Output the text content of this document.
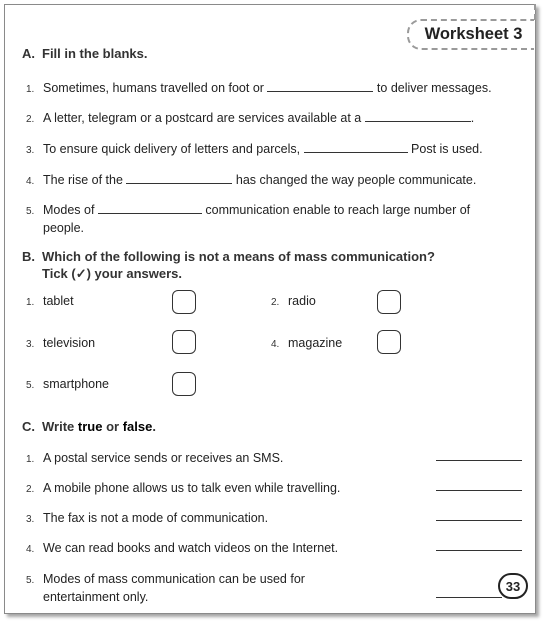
Worksheet 3
A. Fill in the blanks.
1. Sometimes, humans travelled on foot or	to deliver messages.
2. A letter, telegram or a postcard are services available at a	.
3. To ensure quick delivery of letters and parcels,	Post is used.
4. The rise of the	has changed the way people communicate.
5. Modes of	communication enable to reach large number of
people.
B. Which of the following is not a means of mass communication?
Tick (✓) your answers.
1. tablet	2. radio
3. television	4. magazine
5. smartphone
C. Write true or false.
1. A postal service sends or receives an SMS.
2. A mobile phone allows us to talk even while travelling.
3. The fax is not a mode of communication.
4. We can read books and watch videos on the Internet.
5. Modes of mass communication can be used for
entertainment only.
33
